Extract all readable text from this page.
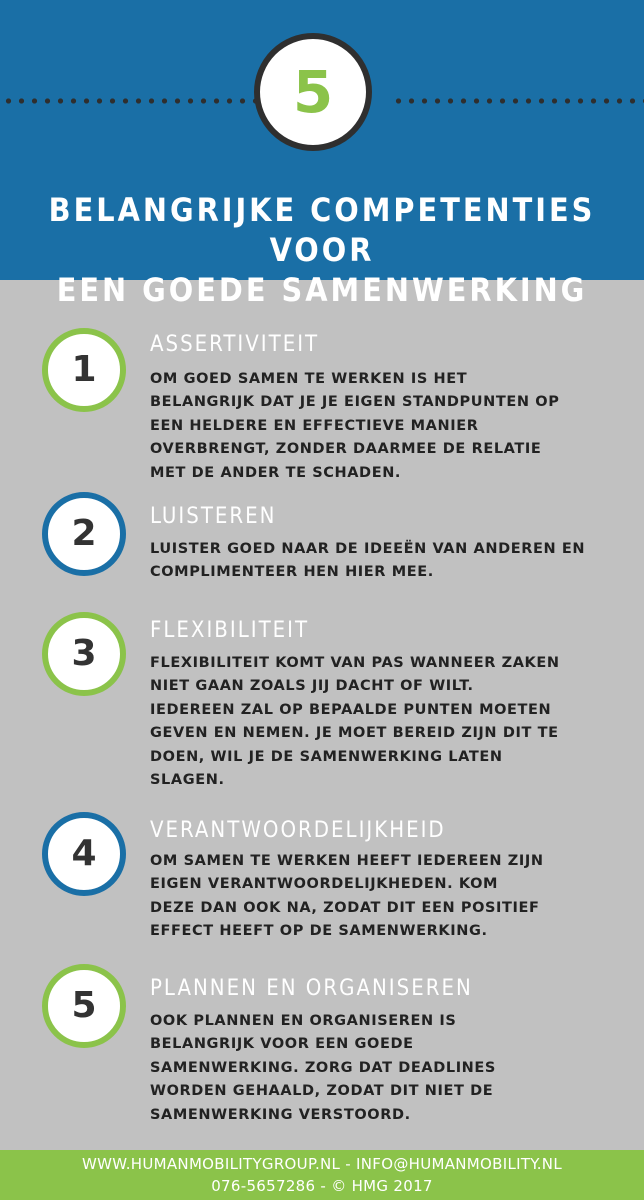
5
BELANGRIJKE COMPETENTIES VOOR
EEN GOEDE SAMENWERKING
1
ASSERTIVITEIT

OM GOED SAMEN TE WERKEN IS HET
BELANGRIJK DAT JE JE EIGEN STANDPUNTEN OP
EEN HELDERE EN EFFECTIEVE MANIER
OVERBRENGT, ZONDER DAARMEE DE RELATIE
MET DE ANDER TE SCHADEN.

2 LUISTEREN

LUISTER GOED NAAR DE IDEEËN VAN ANDEREN EN
COMPLIMENTEER HEN HIER MEE.

3
FLEXIBILITEIT

FLEXIBILITEIT KOMT VAN PAS WANNEER ZAKEN
NIET GAAN ZOALS JIJ DACHT OF WILT.
IEDEREEN ZAL OP BEPAALDE PUNTEN MOETEN
GEVEN EN NEMEN. JE MOET BEREID ZIJN DIT TE
DOEN, WIL JE DE SAMENWERKING LATEN
SLAGEN.

4
VERANTWOORDELIJKHEID

OM SAMEN TE WERKEN HEEFT IEDEREEN ZIJN
EIGEN VERANTWOORDELIJKHEDEN. KOM
DEZE DAN OOK NA, ZODAT DIT EEN POSITIEF
EFFECT HEEFT OP DE SAMENWERKING.

5 PLANNEN EN ORGANISEREN

OOK PLANNEN EN ORGANISEREN IS
BELANGRIJK VOOR EEN GOEDE
SAMENWERKING. ZORG DAT DEADLINES
WORDEN GEHAALD, ZODAT DIT NIET DE
SAMENWERKING VERSTOORD.

WWW.HUMANMOBILITYGROUP.NL - INFO@HUMANMOBILITY.NL
076-5657286 - © HMG 2017
